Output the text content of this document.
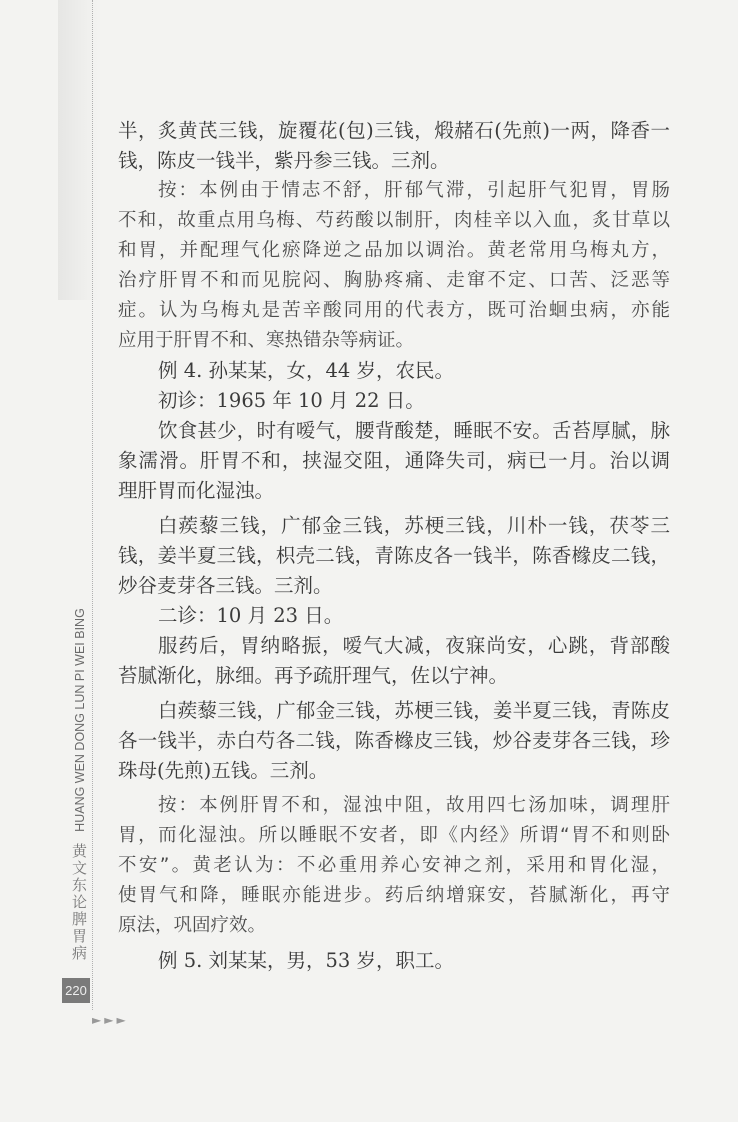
HUANG WEN DONG LUN PI WEI BING
黄文东论脾胃病
220
►►►
半，炙黄芪三钱，旋覆花(包)三钱，煅赭石(先煎)一两，降香一
钱，陈皮一钱半，紫丹参三钱。三剂。
按：本例由于情志不舒，肝郁气滞，引起肝气犯胃，胃肠
不和，故重点用乌梅、芍药酸以制肝，肉桂辛以入血，炙甘草以
和胃，并配理气化瘀降逆之品加以调治。黄老常用乌梅丸方，
治疗肝胃不和而见脘闷、胸胁疼痛、走窜不定、口苦、泛恶等
症。认为乌梅丸是苦辛酸同用的代表方，既可治蛔虫病，亦能
应用于肝胃不和、寒热错杂等病证。
例 4. 孙某某，女，44 岁，农民。
初诊：1965 年 10 月 22 日。
饮食甚少，时有嗳气，腰背酸楚，睡眠不安。舌苔厚腻，脉
象濡滑。肝胃不和，挟湿交阻，通降失司，病已一月。治以调
理肝胃而化湿浊。
白蒺藜三钱，广郁金三钱，苏梗三钱，川朴一钱，茯苓三
钱，姜半夏三钱，枳壳二钱，青陈皮各一钱半，陈香橼皮二钱，
炒谷麦芽各三钱。三剂。
二诊：10 月 23 日。
服药后，胃纳略振，嗳气大减，夜寐尚安，心跳，背部酸
苔腻渐化，脉细。再予疏肝理气，佐以宁神。
白蒺藜三钱，广郁金三钱，苏梗三钱，姜半夏三钱，青陈皮
各一钱半，赤白芍各二钱，陈香橼皮三钱，炒谷麦芽各三钱，珍
珠母(先煎)五钱。三剂。
按：本例肝胃不和，湿浊中阻，故用四七汤加味，调理肝
胃，而化湿浊。所以睡眠不安者，即《内经》所谓“胃不和则卧
不安”。黄老认为：不必重用养心安神之剂，采用和胃化湿，
使胃气和降，睡眠亦能进步。药后纳增寐安，苔腻渐化，再守
原法，巩固疗效。
例 5. 刘某某，男，53 岁，职工。
